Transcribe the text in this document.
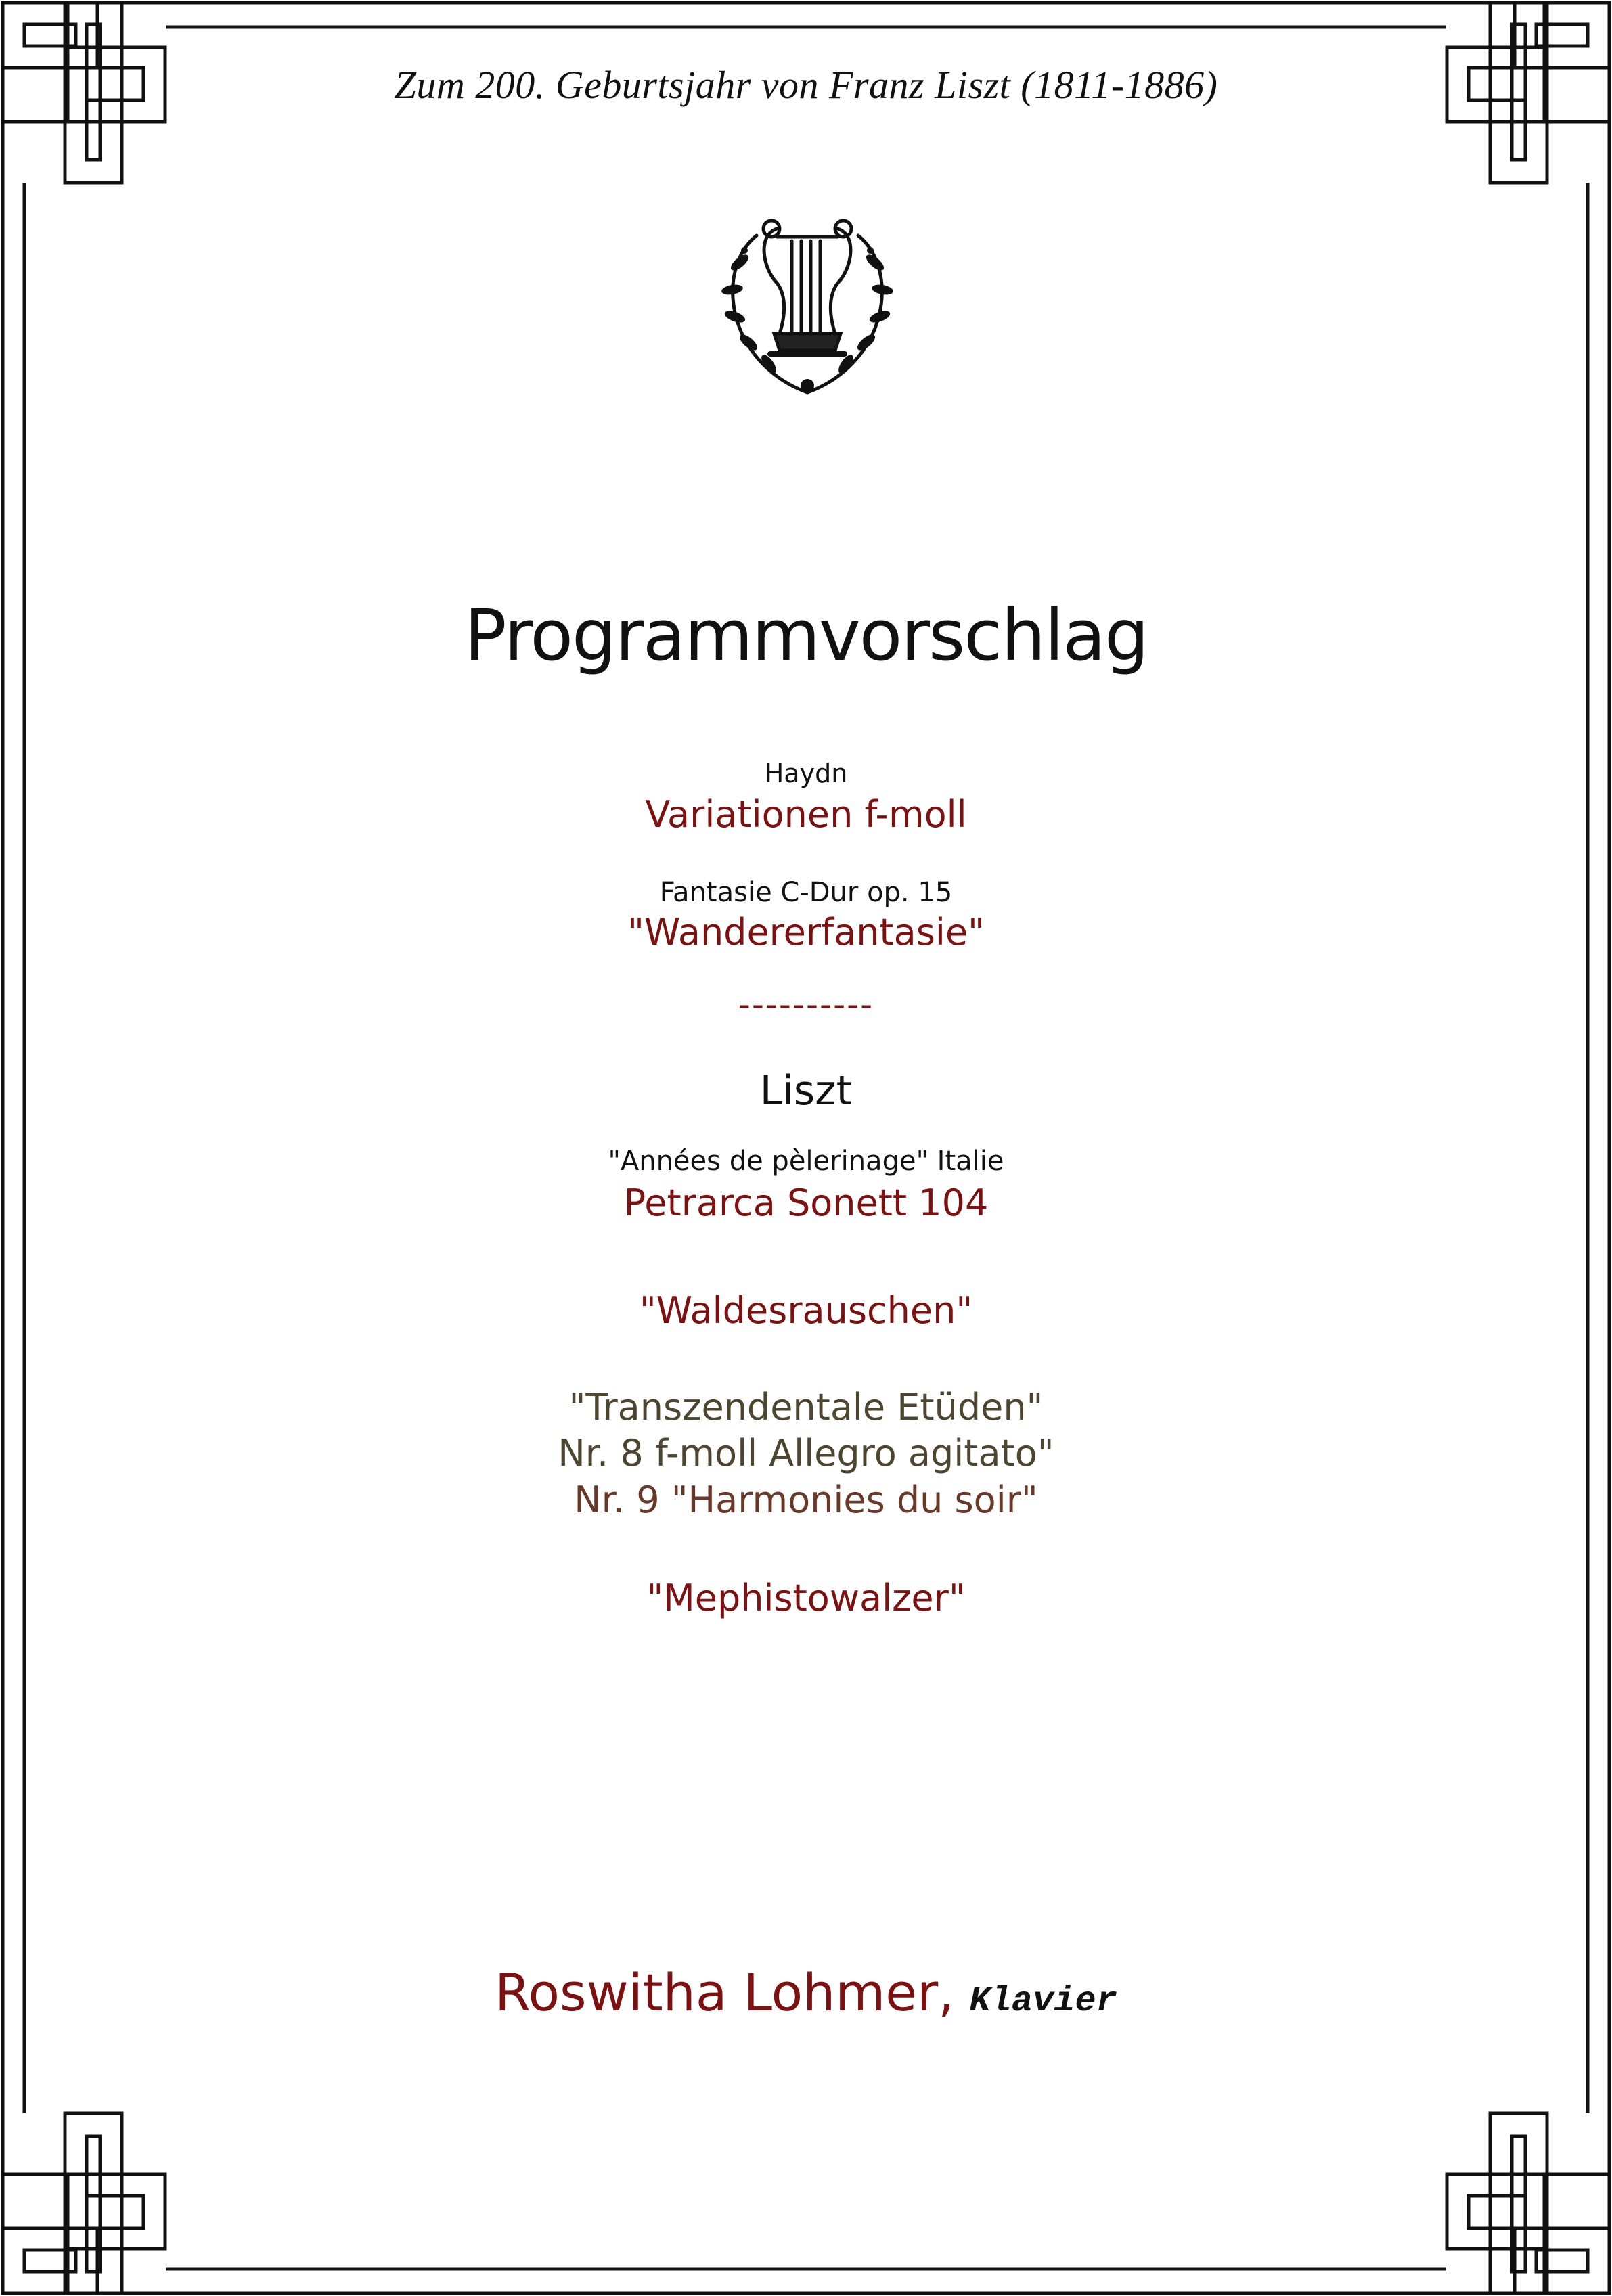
Zum 200. Geburtsjahr von Franz Liszt (1811-1886)
Programmvorschlag
Haydn
Variationen f-moll
Fantasie C-Dur op. 15
"Wandererfantasie"
----------
Liszt
"Années de pèlerinage" Italie
Petrarca Sonett 104
"Waldesrauschen"
"Transzendentale Etüden"
Nr. 8 f-moll Allegro agitato"
Nr. 9 "Harmonies du soir"
"Mephistowalzer"
Roswitha Lohmer, Klavier
